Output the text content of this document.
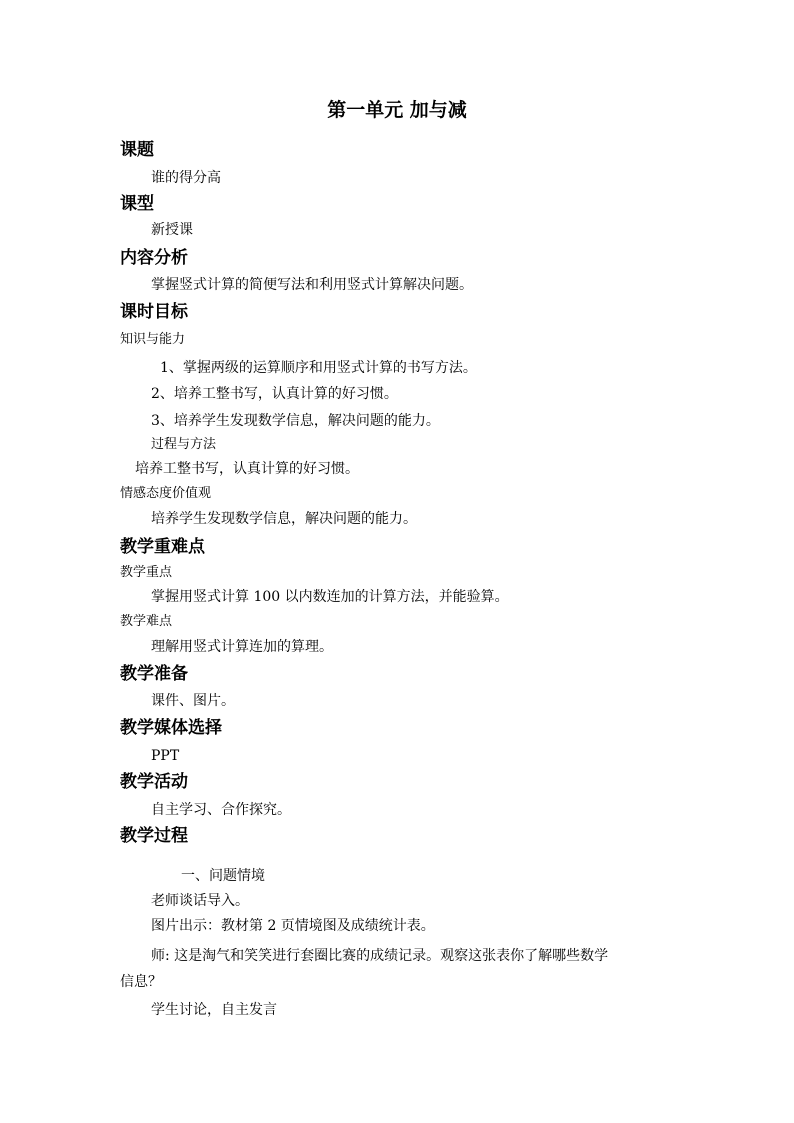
第一单元 加与减
课题
谁的得分高
课型
新授课
内容分析
掌握竖式计算的简便写法和利用竖式计算解决问题。
课时目标
知识与能力
1、掌握两级的运算顺序和用竖式计算的书写方法。
2、培养工整书写，认真计算的好习惯。
3、培养学生发现数学信息，解决问题的能力。
过程与方法
培养工整书写，认真计算的好习惯。
情感态度价值观
培养学生发现数学信息，解决问题的能力。
教学重难点
教学重点
掌握用竖式计算 100 以内数连加的计算方法，并能验算。
教学难点
理解用竖式计算连加的算理。
教学准备
课件、图片。
教学媒体选择
PPT
教学活动
自主学习、合作探究。
教学过程
一、问题情境
老师谈话导入。
图片出示：教材第 2 页情境图及成绩统计表。
师: 这是淘气和笑笑进行套圈比赛的成绩记录。观察这张表你了解哪些数学
信息？
学生讨论，自主发言
